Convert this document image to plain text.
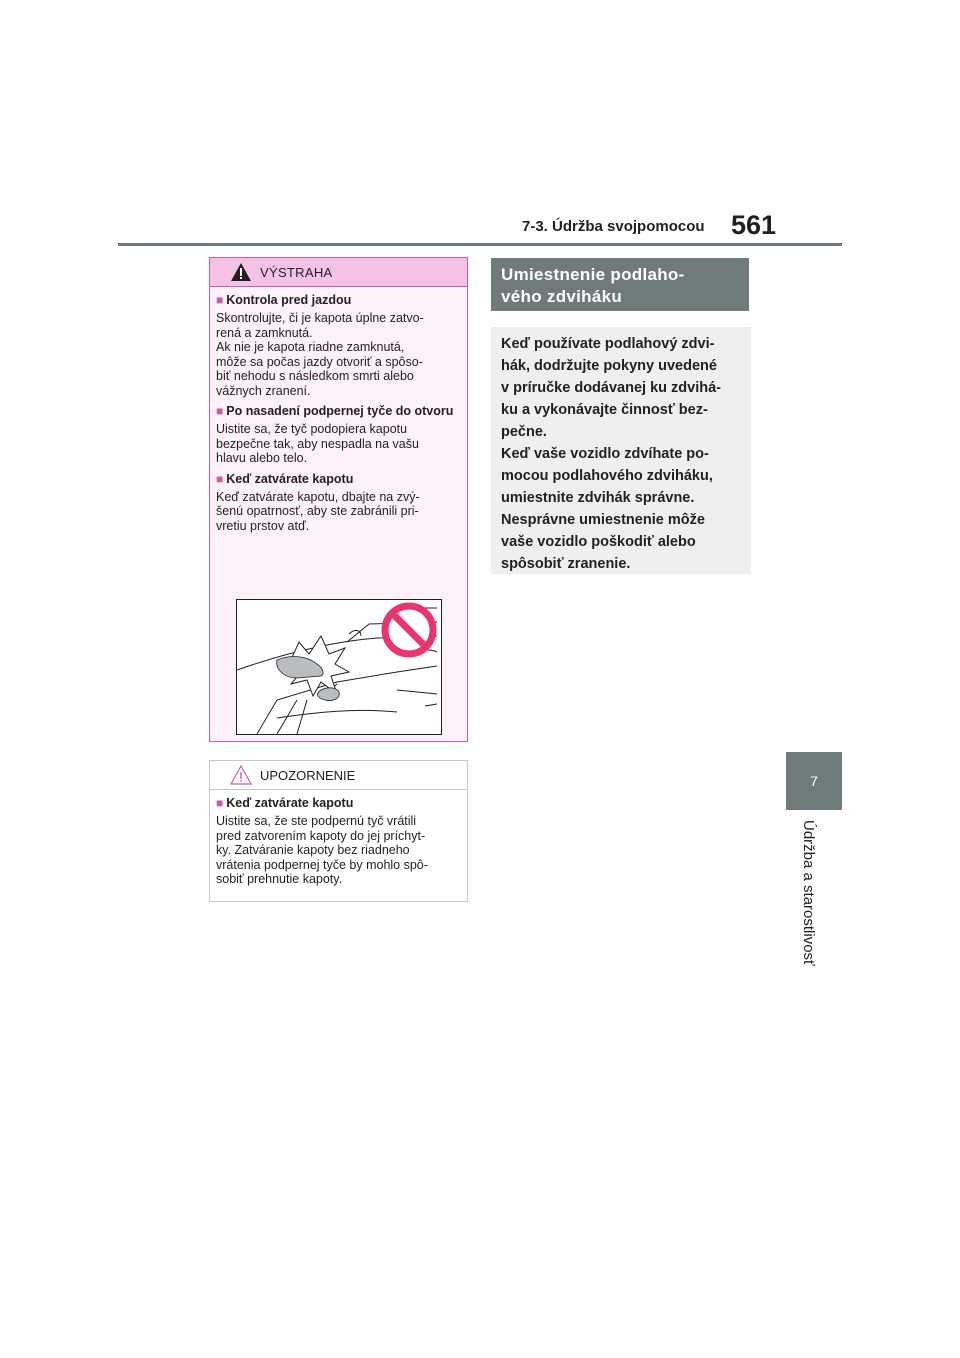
7-3. Údržba svojpomocou 561
7
Údržba a starostlivosť
VÝSTRAHA
■ Kontrola pred jazdou

Skontrolujte, či je kapota úplne zatvo-

rená a zamknutá.

Ak nie je kapota riadne zamknutá,

môže sa počas jazdy otvoriť a spôso-

biť nehodu s následkom smrti alebo

vážnych zranení.

■ Po nasadení podpernej tyče do otvoru

Uistite sa, že tyč podopiera kapotu

bezpečne tak, aby nespadla na vašu

hlavu alebo telo.

■ Keď zatvárate kapotu

Keď zatvárate kapotu, dbajte na zvý-

šenú opatrnosť, aby ste zabránili pri-

vretiu prstov atď.

UPOZORNENIE
■ Keď zatvárate kapotu

Uistite sa, že ste podpernú tyč vrátili

pred zatvorením kapoty do jej príchyt-

ky. Zatváranie kapoty bez riadneho

vrátenia podpernej tyče by mohlo spô-

sobiť prehnutie kapoty.

Umiestnenie podlaho-
vého zdviháku
Keď používate podlahový zdvi-
hák, dodržujte pokyny uvedené
v príručke dodávanej ku zdvihá-
ku a vykonávajte činnosť bez-
pečne.
Keď vaše vozidlo zdvíhate po-
mocou podlahového zdviháku,
umiestnite zdvihák správne.
Nesprávne umiestnenie môže
vaše vozidlo poškodiť alebo
spôsobiť zranenie.
